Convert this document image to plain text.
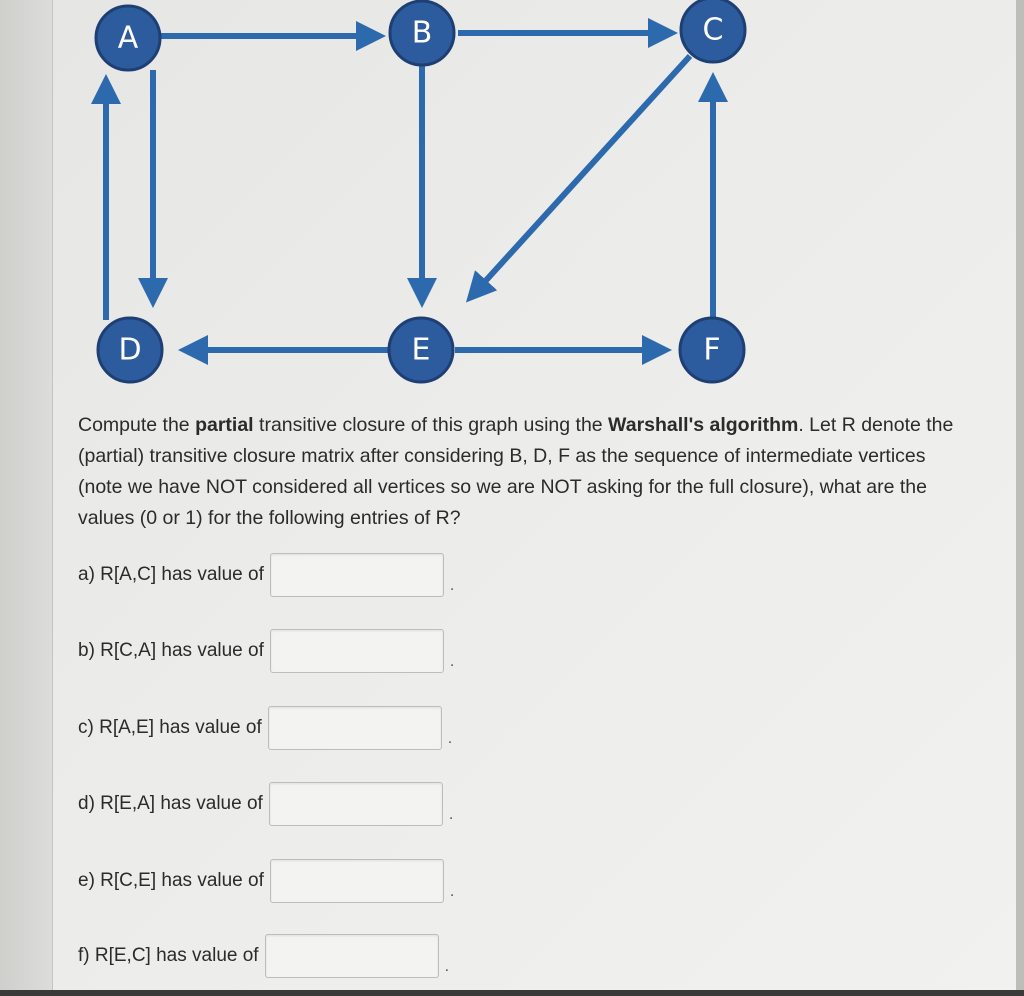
A	B	C
D	E	F
Compute the partial transitive closure of this graph using the Warshall's algorithm. Let R denote the
(partial) transitive closure matrix after considering B, D, F as the sequence of intermediate vertices
(note we have NOT considered all vertices so we are NOT asking for the full closure), what are the
values (0 or 1) for the following entries of R?
a) R[A,C] has value of
.
b) R[C,A] has value of
.
c) R[A,E] has value of
.
d) R[E,A] has value of
.
e) R[C,E] has value of
.
f) R[E,C] has value of
.
